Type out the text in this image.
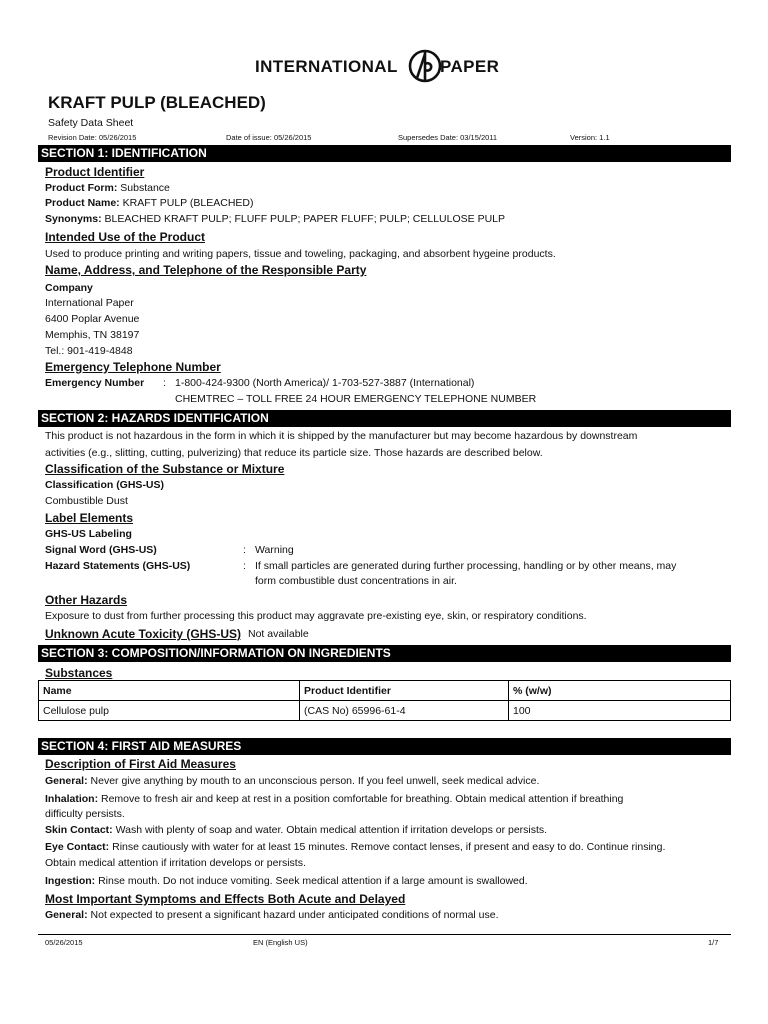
INTERNATIONAL PAPER
KRAFT PULP (BLEACHED)
Safety Data Sheet
Revision Date: 05/26/2015	Date of issue: 05/26/2015	Supersedes Date: 03/15/2011	Version: 1.1
SECTION 1: IDENTIFICATION
Product Identifier
Product Form: Substance
Product Name: KRAFT PULP (BLEACHED)
Synonyms: BLEACHED KRAFT PULP; FLUFF PULP; PAPER FLUFF; PULP; CELLULOSE PULP
Intended Use of the Product
Used to produce printing and writing papers, tissue and toweling, packaging, and absorbent hygeine products.
Name, Address, and Telephone of the Responsible Party
Company
International Paper
6400 Poplar Avenue
Memphis, TN 38197
Tel.: 901-419-4848
Emergency Telephone Number
Emergency Number : 1-800-424-9300 (North America)/ 1-703-527-3887 (International)
CHEMTREC – TOLL FREE 24 HOUR EMERGENCY TELEPHONE NUMBER
SECTION 2: HAZARDS IDENTIFICATION
This product is not hazardous in the form in which it is shipped by the manufacturer but may become hazardous by downstream
activities (e.g., slitting, cutting, pulverizing) that reduce its particle size. Those hazards are described below.
Classification of the Substance or Mixture
Classification (GHS-US)
Combustible Dust
Label Elements
GHS-US Labeling
Signal Word (GHS-US)	: Warning
Hazard Statements (GHS-US)	: If small particles are generated during further processing, handling or by other means, may
form combustible dust concentrations in air.
Other Hazards
Exposure to dust from further processing this product may aggravate pre-existing eye, skin, or respiratory conditions.
Unknown Acute Toxicity (GHS-US) Not available
SECTION 3: COMPOSITION/INFORMATION ON INGREDIENTS
Substances
Name	Product Identifier	% (w/w)
Cellulose pulp	(CAS No) 65996-61-4	100
SECTION 4: FIRST AID MEASURES
Description of First Aid Measures
General: Never give anything by mouth to an unconscious person. If you feel unwell, seek medical advice.
Inhalation: Remove to fresh air and keep at rest in a position comfortable for breathing. Obtain medical attention if breathing
difficulty persists.
Skin Contact: Wash with plenty of soap and water. Obtain medical attention if irritation develops or persists.
Eye Contact: Rinse cautiously with water for at least 15 minutes. Remove contact lenses, if present and easy to do. Continue rinsing.
Obtain medical attention if irritation develops or persists.
Ingestion: Rinse mouth. Do not induce vomiting. Seek medical attention if a large amount is swallowed.
Most Important Symptoms and Effects Both Acute and Delayed
General: Not expected to present a significant hazard under anticipated conditions of normal use.
05/26/2015	EN (English US)	1/7
